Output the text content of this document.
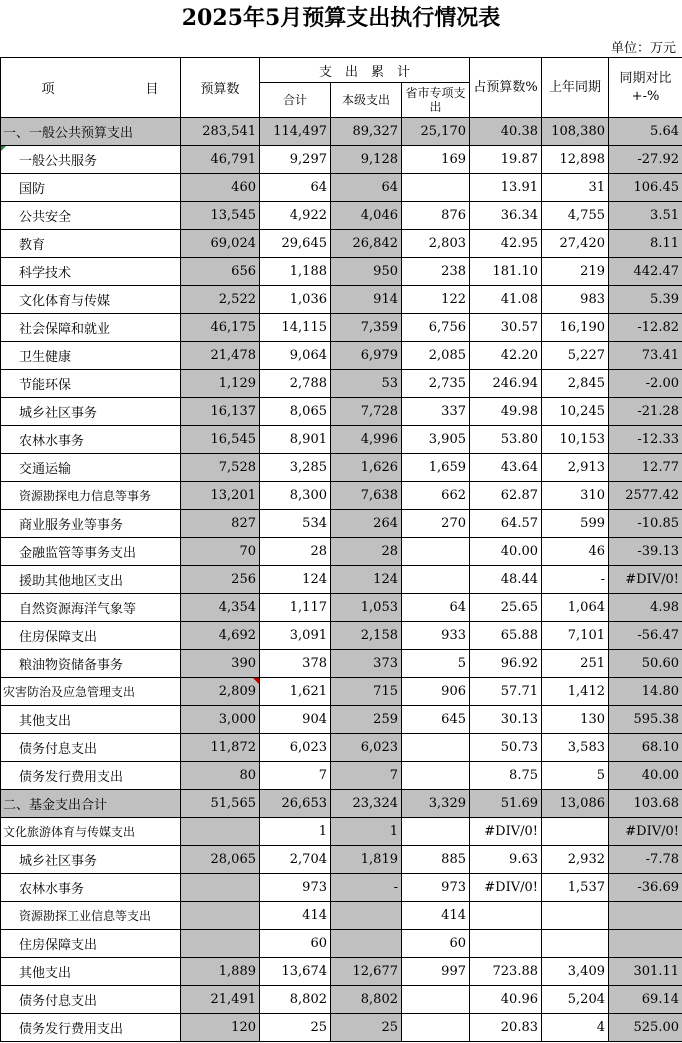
2025年5月预算支出执行情况表
单位：万元
项　　　　　　　目	预算数	支　出　累　计			占预算数%	上年同期	同期对比+-%
		合计	本级支出	省市专项支出			
一、一般公共预算支出	283,541	114,497	89,327	25,170	40.38	108,380	5.64
一般公共服务	46,791	9,297	9,128	169	19.87	12,898	-27.92
国防	460	64	64		13.91	31	106.45
公共安全	13,545	4,922	4,046	876	36.34	4,755	3.51
教育	69,024	29,645	26,842	2,803	42.95	27,420	8.11
科学技术	656	1,188	950	238	181.10	219	442.47
文化体育与传媒	2,522	1,036	914	122	41.08	983	5.39
社会保障和就业	46,175	14,115	7,359	6,756	30.57	16,190	-12.82
卫生健康	21,478	9,064	6,979	2,085	42.20	5,227	73.41
节能环保	1,129	2,788	53	2,735	246.94	2,845	-2.00
城乡社区事务	16,137	8,065	7,728	337	49.98	10,245	-21.28
农林水事务	16,545	8,901	4,996	3,905	53.80	10,153	-12.33
交通运输	7,528	3,285	1,626	1,659	43.64	2,913	12.77
资源勘探电力信息等事务	13,201	8,300	7,638	662	62.87	310	2577.42
商业服务业等事务	827	534	264	270	64.57	599	-10.85
金融监管等事务支出	70	28	28		40.00	46	-39.13
援助其他地区支出	256	124	124		48.44	-	#DIV/0!
自然资源海洋气象等	4,354	1,117	1,053	64	25.65	1,064	4.98
住房保障支出	4,692	3,091	2,158	933	65.88	7,101	-56.47
粮油物资储备事务	390	378	373	5	96.92	251	50.60
灾害防治及应急管理支出	2,809	1,621	715	906	57.71	1,412	14.80
其他支出	3,000	904	259	645	30.13	130	595.38
债务付息支出	11,872	6,023	6,023		50.73	3,583	68.10
债务发行费用支出	80	7	7		8.75	5	40.00
二、基金支出合计	51,565	26,653	23,324	3,329	51.69	13,086	103.68
文化旅游体育与传媒支出		1	1		#DIV/0!		#DIV/0!
城乡社区事务	28,065	2,704	1,819	885	9.63	2,932	-7.78
农林水事务		973	-	973	#DIV/0!	1,537	-36.69
资源勘探工业信息等支出		414		414			
住房保障支出		60		60			
其他支出	1,889	13,674	12,677	997	723.88	3,409	301.11
债务付息支出	21,491	8,802	8,802		40.96	5,204	69.14
债务发行费用支出	120	25	25		20.83	4	525.00
